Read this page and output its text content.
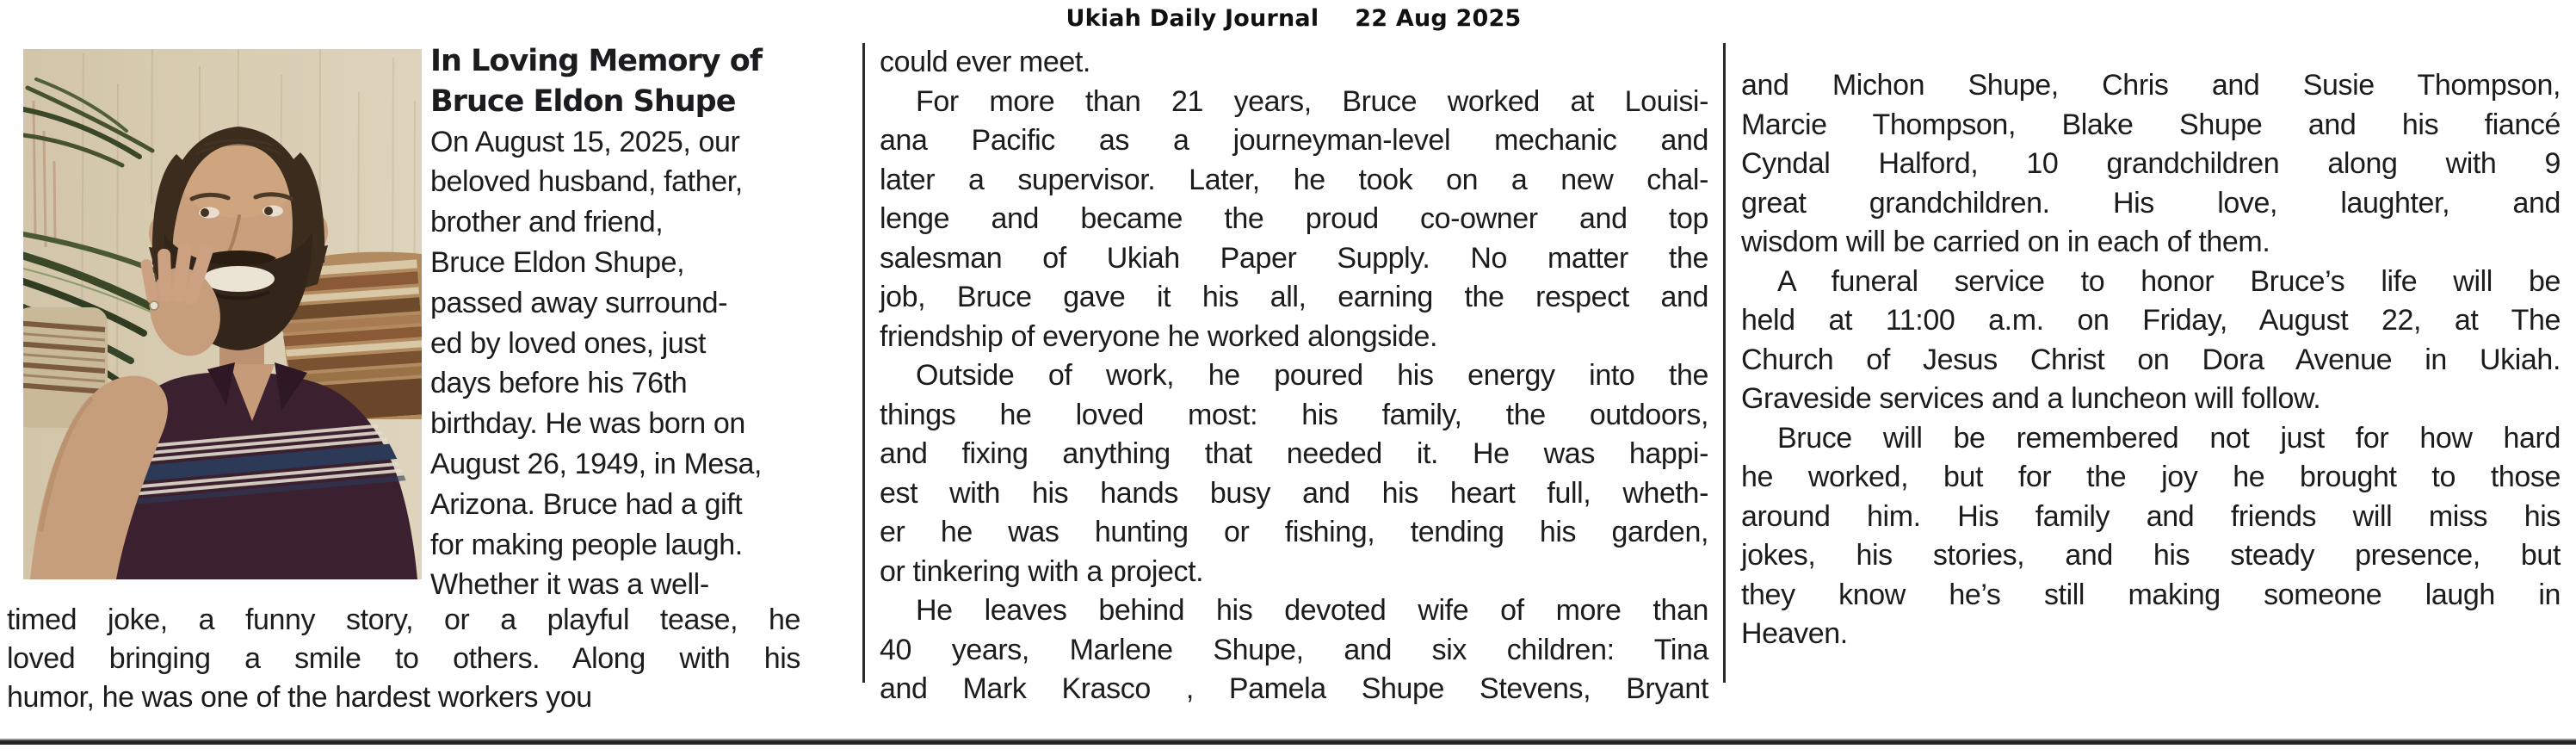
Ukiah Daily Journal 22 Aug 2025
In Loving Memory of
Bruce Eldon Shupe
On August 15, 2025, our
beloved husband, father,
brother and friend,
Bruce Eldon Shupe,
passed away surround-
ed by loved ones, just
days before his 76th
birthday. He was born on
August 26, 1949, in Mesa,
Arizona. Bruce had a gift
for making people laugh.
Whether it was a well-
timed joke, a funny story, or a playful tease, he
loved bringing a smile to others. Along with his
humor, he was one of the hardest workers you
could ever meet.
For more than 21 years, Bruce worked at Louisi-
ana Pacific as a journeyman-level mechanic and
later a supervisor. Later, he took on a new chal-
lenge and became the proud co-owner and top
salesman of Ukiah Paper Supply. No matter the
job, Bruce gave it his all, earning the respect and
friendship of everyone he worked alongside.
Outside of work, he poured his energy into the
things he loved most: his family, the outdoors,
and fixing anything that needed it. He was happi-
est with his hands busy and his heart full, wheth-
er he was hunting or fishing, tending his garden,
or tinkering with a project.
He leaves behind his devoted wife of more than
40 years, Marlene Shupe, and six children: Tina
and Mark Krasco , Pamela Shupe Stevens, Bryant
and Michon Shupe, Chris and Susie Thompson,
Marcie Thompson, Blake Shupe and his fiancé
Cyndal Halford, 10 grandchildren along with 9
great grandchildren. His love, laughter, and
wisdom will be carried on in each of them.
A funeral service to honor Bruce’s life will be
held at 11:00 a.m. on Friday, August 22, at The
Church of Jesus Christ on Dora Avenue in Ukiah.
Graveside services and a luncheon will follow.
Bruce will be remembered not just for how hard
he worked, but for the joy he brought to those
around him. His family and friends will miss his
jokes, his stories, and his steady presence, but
they know he’s still making someone laugh in
Heaven.
